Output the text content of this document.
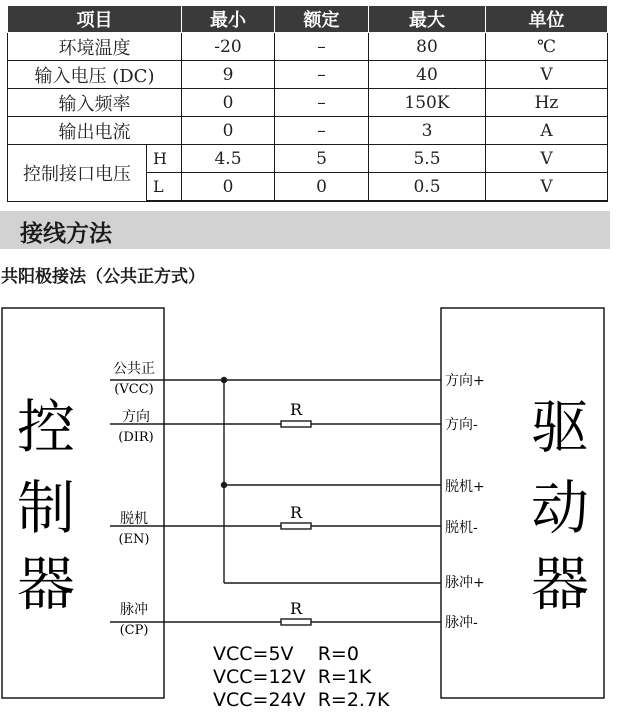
项目		最小	额定	最大	单位
环境温度		-20	–	80	℃
输入电压 (DC)		9	–	40	V
输入频率		0	–	150K	Hz
输出电流		0	–	3	A
控制接口电压	H	4.5	5	5.5	V
	L	0	0	0.5	V
接线方法
共阳极接法（公共正方式）
控
制
器
驱
动
器
公共正
(VCC)
方向
(DIR)
脱机
(EN)
脉冲
(CP)
方向+
方向-
脱机+
脱机-
脉冲+
脉冲-
R
R
R
VCC=5V    R=0
VCC=12V  R=1K
VCC=24V  R=2.7K
